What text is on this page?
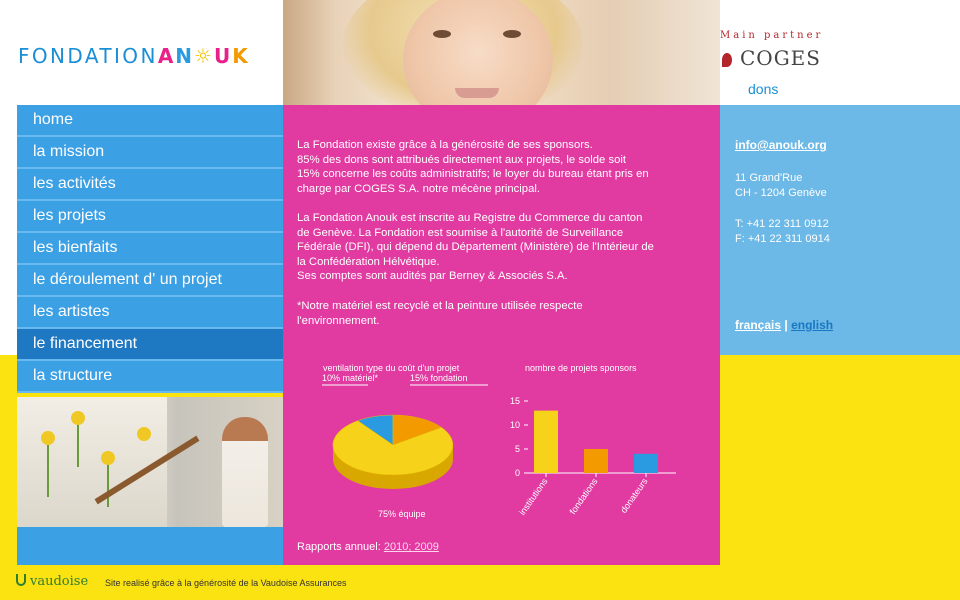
FONDATIONAN☼UK
Main partner
COGES
dons
home
la mission
les activités
les projets
les bienfaits
le déroulement d' un projet
les artistes
le financement
la structure
La Fondation existe grâce à la générosité de ses sponsors.
85% des dons sont attribués directement aux projets, le solde soit
15% concerne les coûts administratifs; le loyer du bureau étant pris en
charge par COGES S.A. notre mécène principal.
La Fondation Anouk est inscrite au Registre du Commerce du canton
de Genève. La Fondation est soumise à l'autorité de Surveillance
Fédérale (DFI), qui dépend du Département (Ministère) de l'Intérieur de
la Confédération Hélvétique.
Ses comptes sont audités par Berney & Associés S.A.
*Notre matériel est recyclé et la peinture utilisée respecte
l'environnement.
ventilation type du coût d'un projet	nombre de projets sponsors
10% matériel*	15% fondation
75% équipe
0
5
10
15
institutions fondations donateurs
Rapports annuel: 2010; 2009
info@anouk.org
11 Grand'Rue
CH - 1204 Genève
T: +41 22 311 0912
F: +41 22 311 0914
français | english
vaudoise Site realisé grâce à la générosité de la Vaudoise Assurances
